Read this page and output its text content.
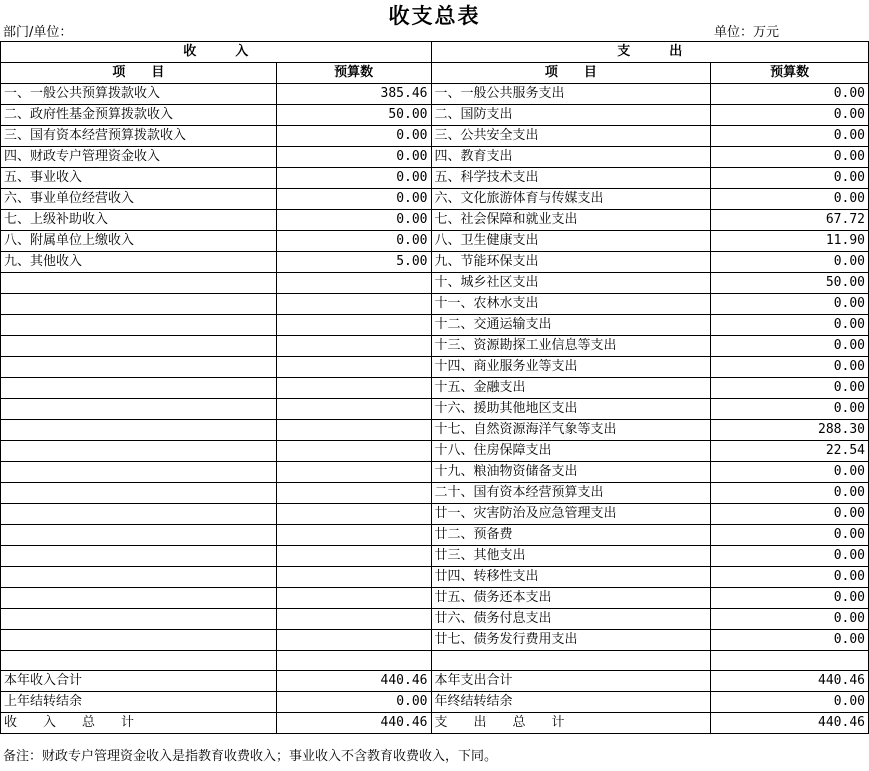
收支总表
部门/单位：	单位：万元
收　　　入		支　　　出	
项　　目	预算数	项　　目	预算数
一、一般公共预算拨款收入	385.46	一、一般公共服务支出	0.00
二、政府性基金预算拨款收入	50.00	二、国防支出	0.00
三、国有资本经营预算拨款收入	0.00	三、公共安全支出	0.00
四、财政专户管理资金收入	0.00	四、教育支出	0.00
五、事业收入	0.00	五、科学技术支出	0.00
六、事业单位经营收入	0.00	六、文化旅游体育与传媒支出	0.00
七、上级补助收入	0.00	七、社会保障和就业支出	67.72
八、附属单位上缴收入	0.00	八、卫生健康支出	11.90
九、其他收入	5.00	九、节能环保支出	0.00
		十、城乡社区支出	50.00
		十一、农林水支出	0.00
		十二、交通运输支出	0.00
		十三、资源勘探工业信息等支出	0.00
		十四、商业服务业等支出	0.00
		十五、金融支出	0.00
		十六、援助其他地区支出	0.00
		十七、自然资源海洋气象等支出	288.30
		十八、住房保障支出	22.54
		十九、粮油物资储备支出	0.00
		二十、国有资本经营预算支出	0.00
		廿一、灾害防治及应急管理支出	0.00
		廿二、预备费	0.00
		廿三、其他支出	0.00
		廿四、转移性支出	0.00
		廿五、债务还本支出	0.00
		廿六、债务付息支出	0.00
		廿七、债务发行费用支出	0.00

本年收入合计	440.46	本年支出合计	440.46
上年结转结余	0.00	年终结转结余	0.00
收　　入　　总　　计	440.46	支　　出　　总　　计	440.46
备注：财政专户管理资金收入是指教育收费收入；事业收入不含教育收费收入，下同。
